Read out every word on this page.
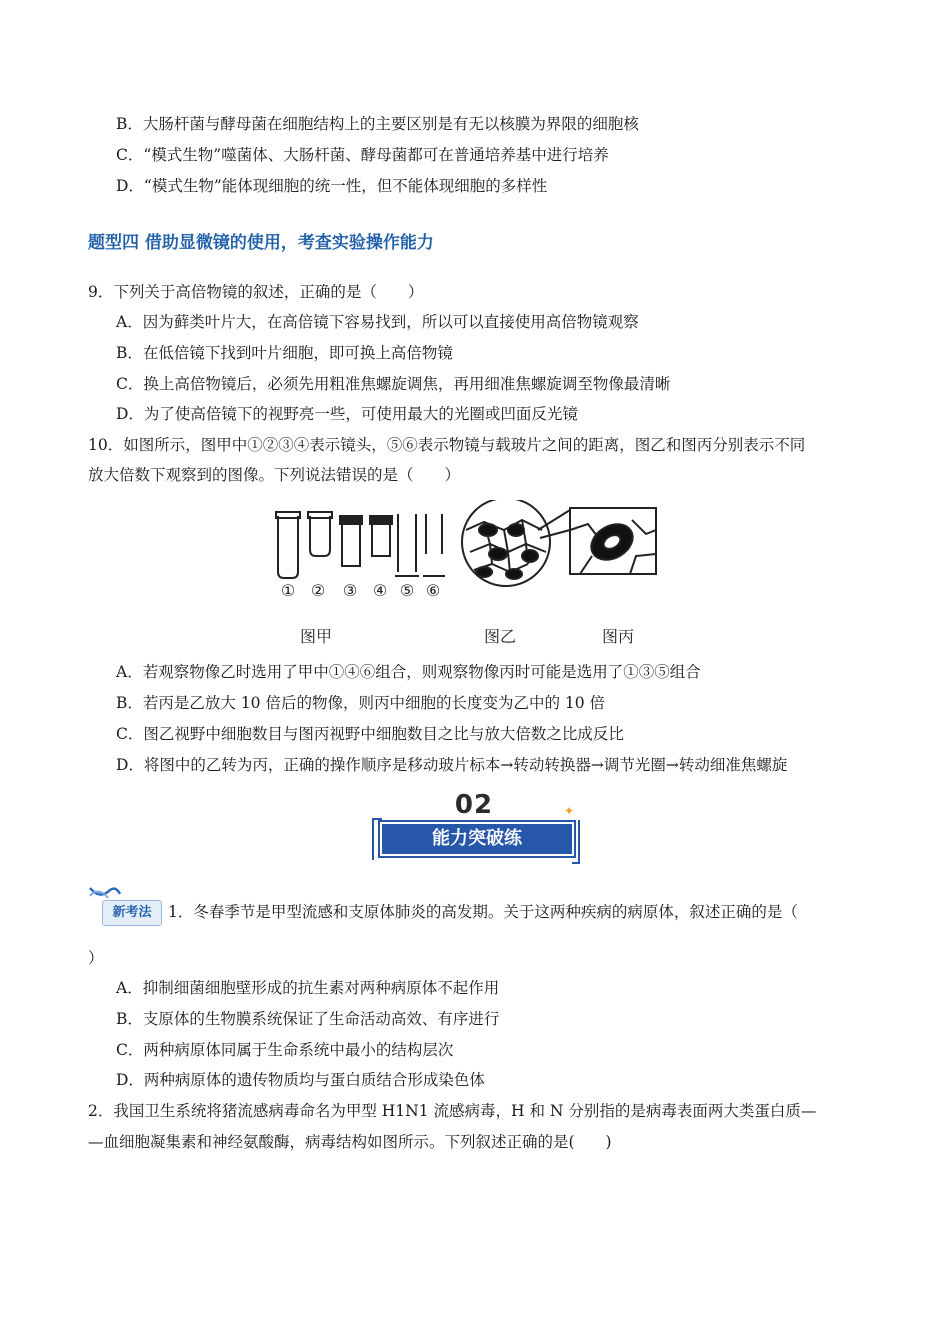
B．大肠杆菌与酵母菌在细胞结构上的主要区别是有无以核膜为界限的细胞核
C．“模式生物”噬菌体、大肠杆菌、酵母菌都可在普通培养基中进行培养
D．“模式生物”能体现细胞的统一性，但不能体现细胞的多样性
题型四 借助显微镜的使用，考查实验操作能力
9．下列关于高倍物镜的叙述，正确的是（　　）
A．因为藓类叶片大，在高倍镜下容易找到，所以可以直接使用高倍物镜观察
B．在低倍镜下找到叶片细胞，即可换上高倍物镜
C．换上高倍物镜后，必须先用粗准焦螺旋调焦，再用细准焦螺旋调至物像最清晰
D．为了使高倍镜下的视野亮一些，可使用最大的光圈或凹面反光镜
10．如图所示，图甲中①②③④表示镜头，⑤⑥表示物镜与载玻片之间的距离，图乙和图丙分别表示不同
放大倍数下观察到的图像。下列说法错误的是（　　）
① ② ③ ④ ⑤ ⑥
图甲	图乙	图丙
A．若观察物像乙时选用了甲中①④⑥组合，则观察物像丙时可能是选用了①③⑤组合
B．若丙是乙放大 10 倍后的物像，则丙中细胞的长度变为乙中的 10 倍
C．图乙视野中细胞数目与图丙视野中细胞数目之比与放大倍数之比成反比
D．将图中的乙转为丙，正确的操作顺序是移动玻片标本→转动转换器→调节光圈→转动细准焦螺旋
02	✦
能力突破练
新考法	1．冬春季节是甲型流感和支原体肺炎的高发期。关于这两种疾病的病原体，叙述正确的是（
）
A．抑制细菌细胞壁形成的抗生素对两种病原体不起作用
B．支原体的生物膜系统保证了生命活动高效、有序进行
C．两种病原体同属于生命系统中最小的结构层次
D．两种病原体的遗传物质均与蛋白质结合形成染色体
2．我国卫生系统将猪流感病毒命名为甲型 H1N1 流感病毒，H 和 N 分别指的是病毒表面两大类蛋白质—
—血细胞凝集素和神经氨酸酶，病毒结构如图所示。下列叙述正确的是(　　)
